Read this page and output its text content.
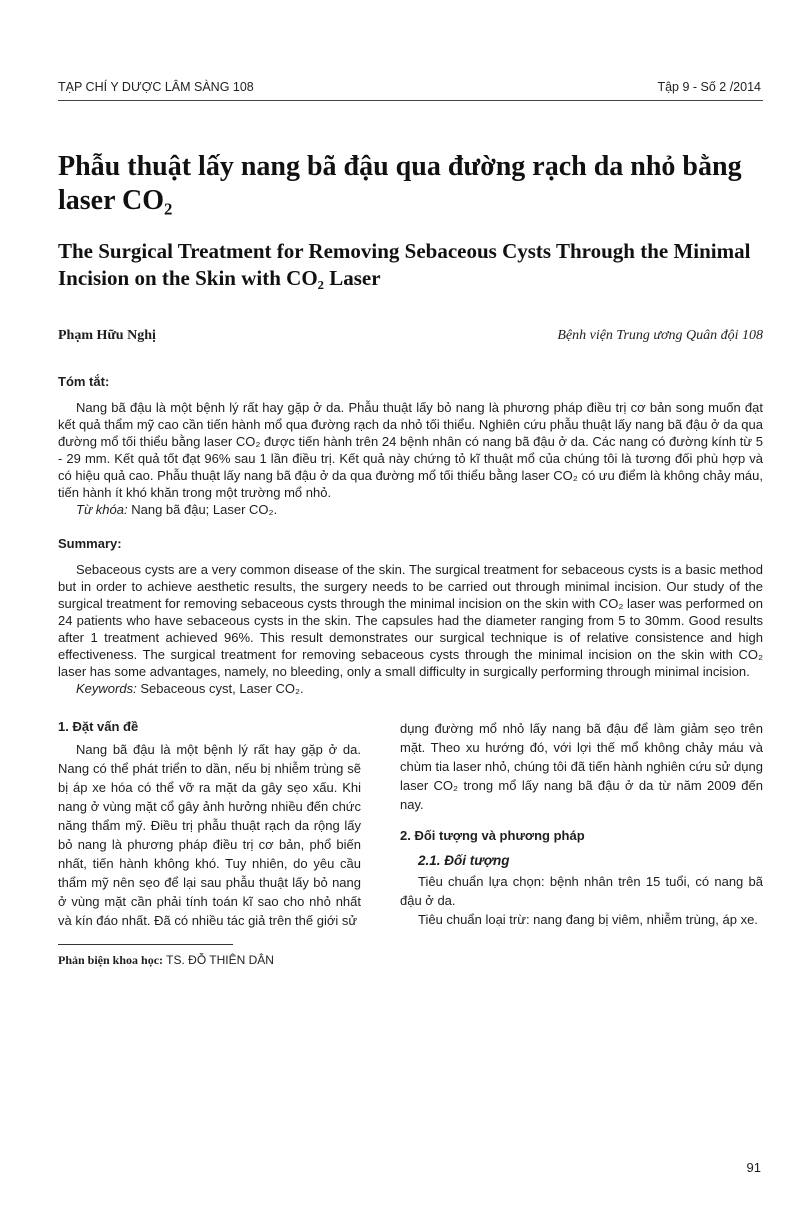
TẠP CHÍ Y DƯỢC LÂM SÀNG 108	Tập 9 - Số 2 /2014
Phẫu thuật lấy nang bã đậu qua đường rạch da nhỏ bằng laser CO₂
The Surgical Treatment for Removing Sebaceous Cysts Through the Minimal Incision on the Skin with CO₂ Laser
Phạm Hữu Nghị	Bệnh viện Trung ương Quân đội 108
Tóm tắt:
Nang bã đậu là một bệnh lý rất hay gặp ở da. Phẫu thuật lấy bỏ nang là phương pháp điều trị cơ bản song muốn đạt kết quả thẩm mỹ cao cần tiến hành mổ qua đường rạch da nhỏ tối thiểu. Nghiên cứu phẫu thuật lấy nang bã đậu ở da qua đường mổ tối thiểu bằng laser CO₂ được tiến hành trên 24 bệnh nhân có nang bã đậu ở da. Các nang có đường kính từ 5 - 29 mm. Kết quả tốt đạt 96% sau 1 lần điều trị. Kết quả này chứng tỏ kĩ thuật mổ của chúng tôi là tương đối phù hợp và có hiệu quả cao. Phẫu thuật lấy nang bã đậu ở da qua đường mổ tối thiểu bằng laser CO₂ có ưu điểm là không chảy máu, tiến hành ít khó khăn trong một trường mổ nhỏ.
Từ khóa: Nang bã đậu; Laser CO₂.
Summary:
Sebaceous cysts are a very common disease of the skin. The surgical treatment for sebaceous cysts is a basic method but in order to achieve aesthetic results, the surgery needs to be carried out through minimal incision. Our study of the surgical treatment for removing sebaceous cysts through the minimal incision on the skin with CO₂ laser was performed on 24 patients who have sebaceous cysts in the skin. The capsules had the diameter ranging from 5 to 30mm. Good results after 1 treatment achieved 96%. This result demonstrates our surgical technique is of relative consistence and high effectiveness. The surgical treatment for removing sebaceous cysts through the minimal incision on the skin with CO₂ laser has some advantages, namely, no bleeding, only a small difficulty in surgically performing through minimal incision.
Keywords: Sebaceous cyst, Laser CO₂.
1. Đặt vấn đề

Nang bã đậu là một bệnh lý rất hay gặp ở da. Nang có thể phát triển to dần, nếu bị nhiễm trùng sẽ bị áp xe hóa có thể vỡ ra mặt da gây sẹo xấu. Khi nang ở vùng mặt cổ gây ảnh hưởng nhiều đến chức năng thẩm mỹ. Điều trị phẫu thuật rạch da rộng lấy bỏ nang là phương pháp điều trị cơ bản, phổ biến nhất, tiến hành không khó. Tuy nhiên, do yêu cầu thẩm mỹ nên sẹo để lại sau phẫu thuật lấy bỏ nang ở vùng mặt cần phải tính toán kĩ sao cho nhỏ nhất và kín đáo nhất. Đã có nhiều tác giả trên thế giới sử

Phản biện khoa học: TS. ĐỖ THIÊN DÂN

dụng đường mổ nhỏ lấy nang bã đậu để làm giảm sẹo trên mặt. Theo xu hướng đó, với lợi thế mổ không chảy máu và chùm tia laser nhỏ, chúng tôi đã tiến hành nghiên cứu sử dụng laser CO₂ trong mổ lấy nang bã đậu ở da từ năm 2009 đến nay.

2. Đối tượng và phương pháp
2.1. Đối tượng

Tiêu chuẩn lựa chọn: bệnh nhân trên 15 tuổi, có nang bã đậu ở da.

Tiêu chuẩn loại trừ: nang đang bị viêm, nhiễm trùng, áp xe.

91
